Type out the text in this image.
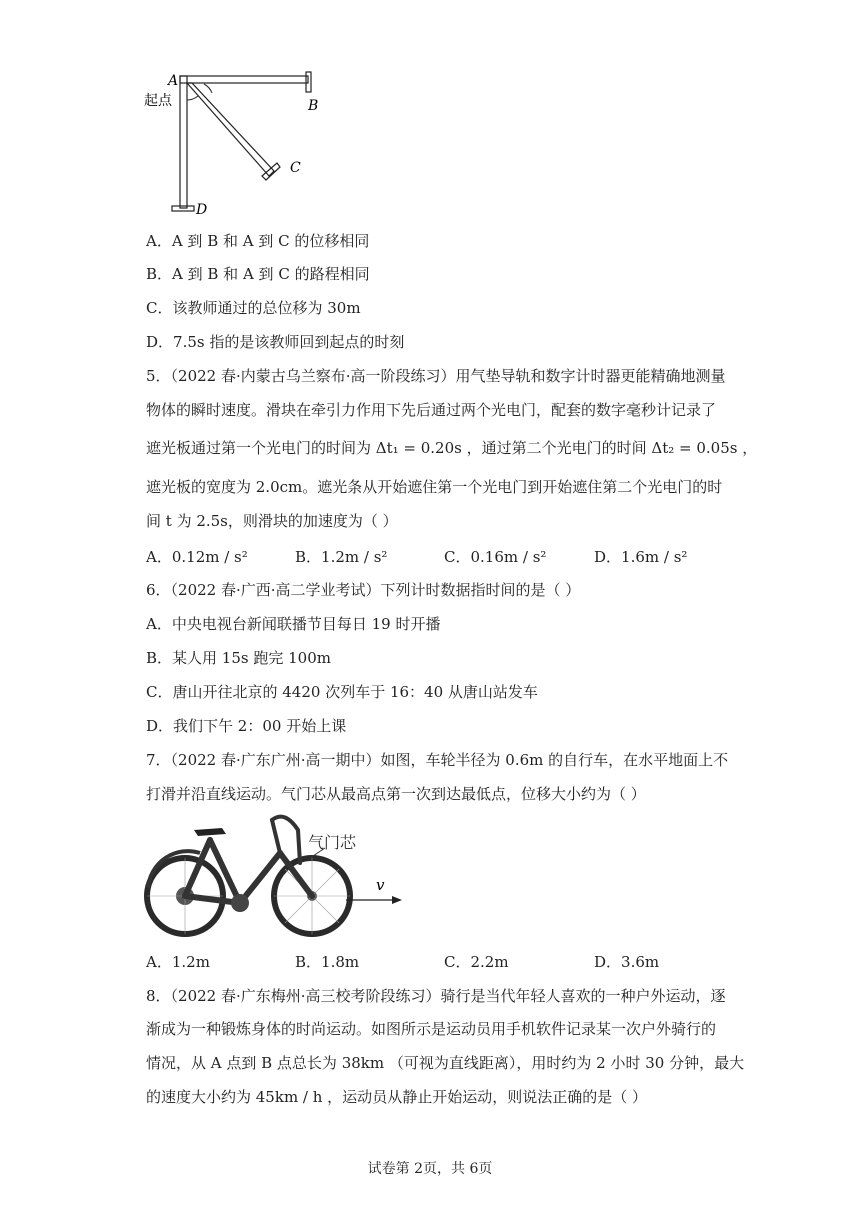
A
起点	B
C
D
A．A 到 B 和 A 到 C 的位移相同
B．A 到 B 和 A 到 C 的路程相同
C．该教师通过的总位移为 30m
D．7.5s 指的是该教师回到起点的时刻
5．（2022 春·内蒙古乌兰察布·高一阶段练习）用气垫导轨和数字计时器更能精确地测量
物体的瞬时速度。滑块在牵引力作用下先后通过两个光电门，配套的数字毫秒计记录了
遮光板通过第一个光电门的时间为 Δt₁ = 0.20s ，通过第二个光电门的时间 Δt₂ = 0.05s ，
遮光板的宽度为 2.0cm。遮光条从开始遮住第一个光电门到开始遮住第二个光电门的时
间 t 为 2.5s，则滑块的加速度为（ ）
A．0.12m / s²	B．1.2m / s²	C．0.16m / s²	D．1.6m / s²
6．（2022 春·广西·高二学业考试）下列计时数据指时间的是（ ）
A．中央电视台新闻联播节目每日 19 时开播
B．某人用 15s 跑完 100m
C．唐山开往北京的 4420 次列车于 16：40 从唐山站发车
D．我们下午 2：00 开始上课
7．（2022 春·广东广州·高一期中）如图，车轮半径为 0.6m 的自行车，在水平地面上不
打滑并沿直线运动。气门芯从最高点第一次到达最低点，位移大小约为（ ）
气门芯
v
A．1.2m	B．1.8m	C．2.2m	D．3.6m
8．（2022 春·广东梅州·高三校考阶段练习）骑行是当代年轻人喜欢的一种户外运动，逐
渐成为一种锻炼身体的时尚运动。如图所示是运动员用手机软件记录某一次户外骑行的
情况，从 A 点到 B 点总长为 38km （可视为直线距离），用时约为 2 小时 30 分钟，最大
的速度大小约为 45km / h ，运动员从静止开始运动，则说法正确的是（ ）
试卷第 2页，共 6页
